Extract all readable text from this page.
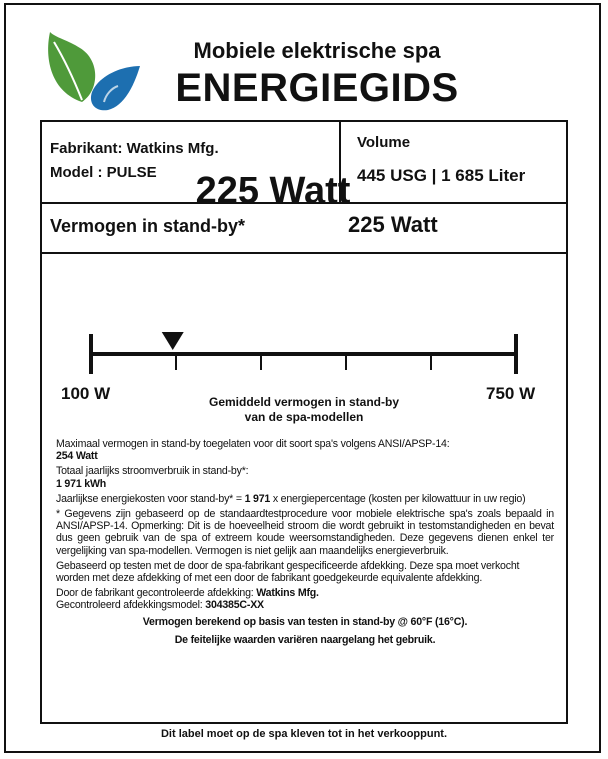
Mobiele elektrische spa
ENERGIEGIDS
Fabrikant: Watkins Mfg.
Model : PULSE
Volume
445 USG | 1 685 Liter
Vermogen in stand-by*	225 Watt
225 Watt
100 W	750 W
Gemiddeld vermogen in stand-by
van de spa-modellen

Maximaal vermogen in stand-by toegelaten voor dit soort spa's volgens ANSI/APSP-14:
254 Watt

Totaal jaarlijks stroomverbruik in stand-by*:
1 971 kWh

Jaarlijkse energiekosten voor stand-by* = 1 971 x energiepercentage (kosten per kilowattuur in uw regio)

* Gegevens zijn gebaseerd op de standaardtestprocedure voor mobiele elektrische spa's zoals bepaald in ANSI/APSP-14. Opmerking: Dit is de hoeveelheid stroom die wordt gebruikt in testomstandigheden en bevat dus geen gebruik van de spa of extreem koude weersomstandigheden. Deze gegevens dienen enkel ter vergelijking van spa-modellen. Vermogen is niet gelijk aan maandelijks energieverbruik.

Gebaseerd op testen met de door de spa-fabrikant gespecificeerde afdekking. Deze spa moet verkocht worden met deze afdekking of met een door de fabrikant goedgekeurde equivalente afdekking.

Door de fabrikant gecontroleerde afdekking: Watkins Mfg.

Gecontroleerd afdekkingsmodel: 304385C-XX

Vermogen berekend op basis van testen in stand-by @ 60°F (16°C).

De feitelijke waarden variëren naargelang het gebruik.

Dit label moet op de spa kleven tot in het verkooppunt.
